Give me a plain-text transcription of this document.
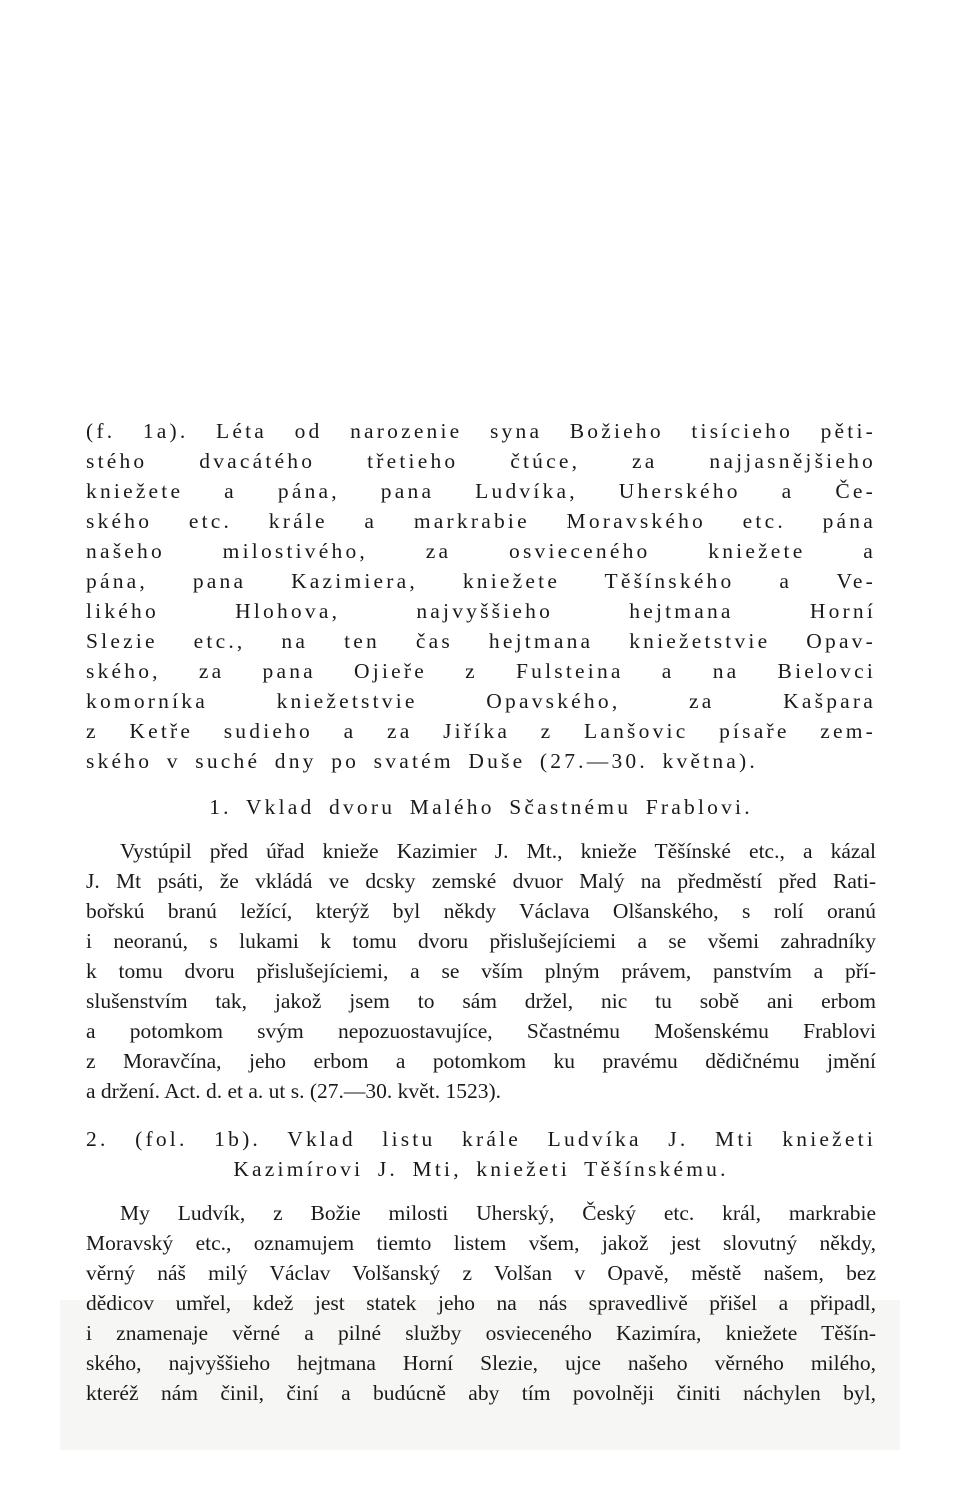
(f. 1a). Léta od narozenie syna Božieho tisícieho pěti-
stého dvacátého třetieho čtúce, za najjasnějšieho
kniežete a pána, pana Ludvíka, Uherského a Če-
ského etc. krále a markrabie Moravského etc. pána
našeho milostivého, za osvieceného kniežete a
pána, pana Kazimiera, kniežete Těšínského a Ve-
likého Hlohova, najvyššieho hejtmana Horní
Slezie etc., na ten čas hejtmana kniežetstvie Opav-
ského, za pana Ojieře z Fulsteina a na Bielovci
komorníka kniežetstvie Opavského, za Kašpara
z Ketře sudieho a za Jiříka z Lanšovic písaře zem-
ského v suché dny po svatém Duše (27.—30. května).
1. Vklad dvoru Malého Sčastnému Frablovi.
Vystúpil před úřad knieže Kazimier J. Mt., knieže Těšínské etc., a kázal
J. Mt psáti, že vkládá ve dcsky zemské dvuor Malý na předměstí před Rati-
bořskú branú ležící, kterýž byl někdy Václava Olšanského, s rolí oranú
i neoranú, s lukami k tomu dvoru přislušejíciemi a se všemi zahradníky
k tomu dvoru přislušejíciemi, a se vším plným právem, panstvím a pří-
slušenstvím tak, jakož jsem to sám držel, nic tu sobě ani erbom
a potomkom svým nepozuostavujíce, Sčastnému Mošenskému Frablovi
z Moravčína, jeho erbom a potomkom ku pravému dědičnému jmění
a držení. Act. d. et a. ut s. (27.—30. květ. 1523).
2. (fol. 1b). Vklad listu krále Ludvíka J. Mti kniežeti
Kazimírovi J. Mti, kniežeti Těšínskému.
My Ludvík, z Božie milosti Uherský, Český etc. král, markrabie
Moravský etc., oznamujem tiemto listem všem, jakož jest slovutný někdy,
věrný náš milý Václav Volšanský z Volšan v Opavě, městě našem, bez
dědicov umřel, kdež jest statek jeho na nás spravedlivě přišel a připadl,
i znamenaje věrné a pilné služby osvieceného Kazimíra, kniežete Těšín-
ského, najvyššieho hejtmana Horní Slezie, ujce našeho věrného milého,
kteréž nám činil, činí a budúcně aby tím povolněji činiti náchylen byl,
